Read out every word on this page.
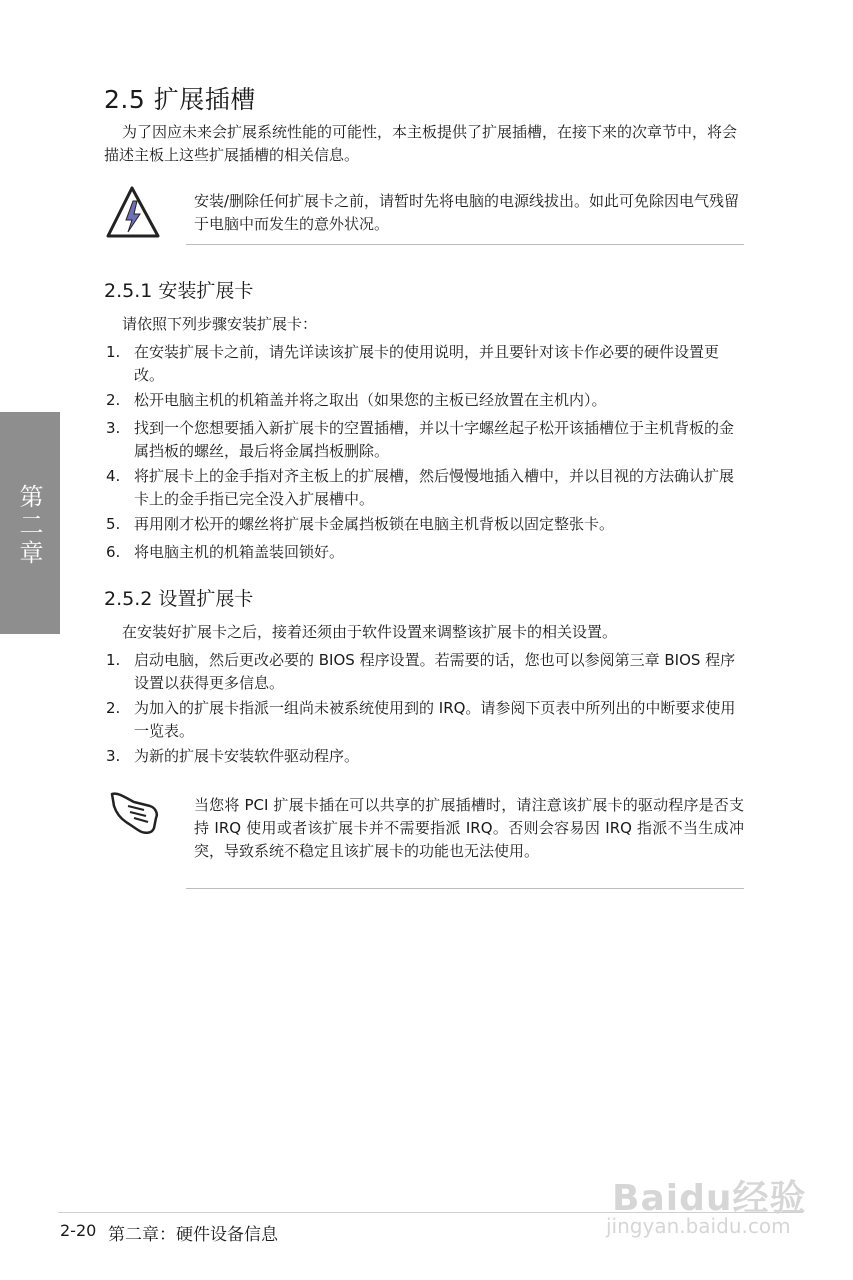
第二章
2.5 扩展插槽
为了因应未来会扩展系统性能的可能性，本主板提供了扩展插槽，在接下来的次章节中，将会描述主板上这些扩展插槽的相关信息。
安装/删除任何扩展卡之前，请暂时先将电脑的电源线拔出。如此可免除因电气残留于电脑中而发生的意外状况。
2.5.1 安装扩展卡
请依照下列步骤安装扩展卡：
1. 在安装扩展卡之前，请先详读该扩展卡的使用说明，并且要针对该卡作必要的硬件设置更改。
2. 松开电脑主机的机箱盖并将之取出（如果您的主板已经放置在主机内）。
3. 找到一个您想要插入新扩展卡的空置插槽，并以十字螺丝起子松开该插槽位于主机背板的金属挡板的螺丝，最后将金属挡板删除。
4. 将扩展卡上的金手指对齐主板上的扩展槽，然后慢慢地插入槽中，并以目视的方法确认扩展卡上的金手指已完全没入扩展槽中。
5. 再用刚才松开的螺丝将扩展卡金属挡板锁在电脑主机背板以固定整张卡。
6. 将电脑主机的机箱盖装回锁好。
2.5.2 设置扩展卡
在安装好扩展卡之后，接着还须由于软件设置来调整该扩展卡的相关设置。
1. 启动电脑，然后更改必要的 BIOS 程序设置。若需要的话，您也可以参阅第三章 BIOS 程序设置以获得更多信息。
2. 为加入的扩展卡指派一组尚未被系统使用到的 IRQ。请参阅下页表中所列出的中断要求使用一览表。
3. 为新的扩展卡安装软件驱动程序。
当您将 PCI 扩展卡插在可以共享的扩展插槽时，请注意该扩展卡的驱动程序是否支持 IRQ 使用或者该扩展卡并不需要指派 IRQ。否则会容易因 IRQ 指派不当生成冲突，导致系统不稳定且该扩展卡的功能也无法使用。
2-20 第二章：硬件设备信息
Baidu经验
jingyan.baidu.com
